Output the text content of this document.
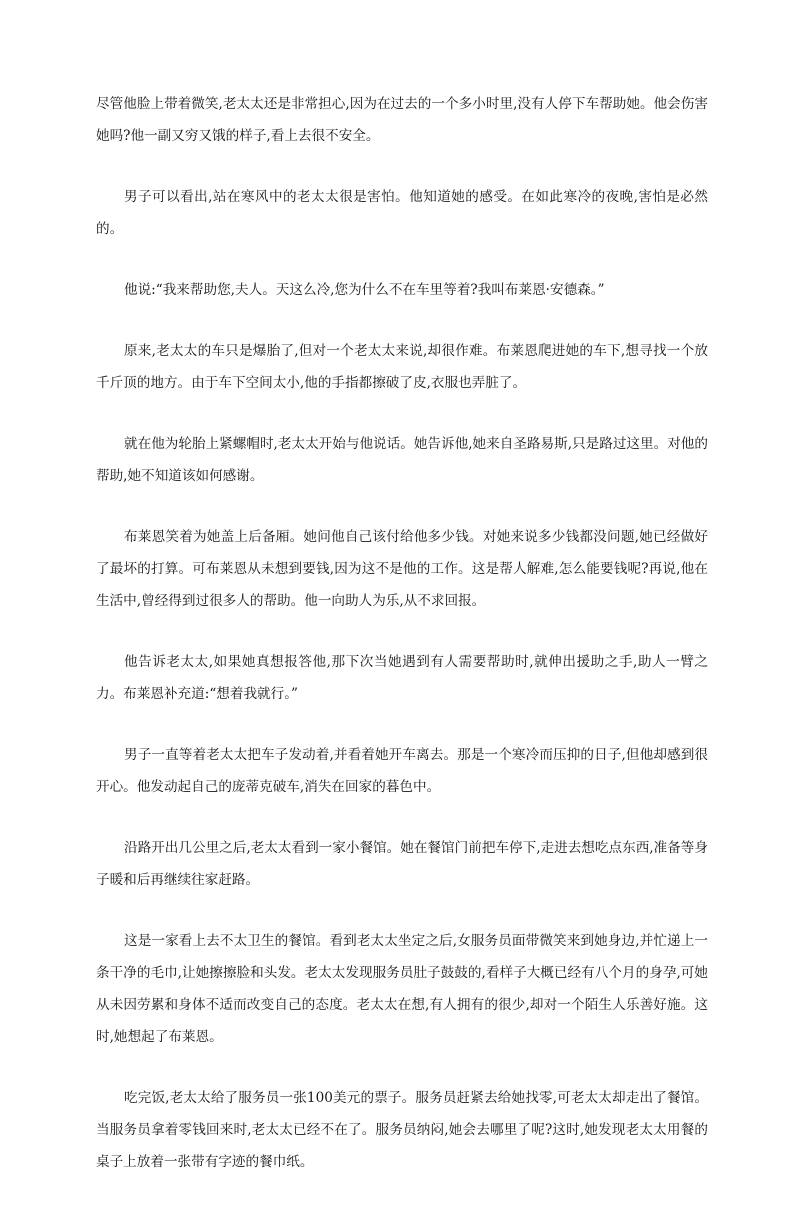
尽管他脸上带着微笑,老太太还是非常担心,因为在过去的一个多小时里,没有人停下车帮助她。他会伤害她吗?他一副又穷又饿的样子,看上去很不安全。

男子可以看出,站在寒风中的老太太很是害怕。他知道她的感受。在如此寒冷的夜晚,害怕是必然的。

他说:“我来帮助您,夫人。天这么冷,您为什么不在车里等着?我叫布莱恩·安德森。”

原来,老太太的车只是爆胎了,但对一个老太太来说,却很作难。布莱恩爬进她的车下,想寻找一个放千斤顶的地方。由于车下空间太小,他的手指都擦破了皮,衣服也弄脏了。

就在他为轮胎上紧螺帽时,老太太开始与他说话。她告诉他,她来自圣路易斯,只是路过这里。对他的帮助,她不知道该如何感谢。

布莱恩笑着为她盖上后备厢。她问他自己该付给他多少钱。对她来说多少钱都没问题,她已经做好了最坏的打算。可布莱恩从未想到要钱,因为这不是他的工作。这是帮人解难,怎么能要钱呢?再说,他在生活中,曾经得到过很多人的帮助。他一向助人为乐,从不求回报。

他告诉老太太,如果她真想报答他,那下次当她遇到有人需要帮助时,就伸出援助之手,助人一臂之力。布莱恩补充道:“想着我就行。”

男子一直等着老太太把车子发动着,并看着她开车离去。那是一个寒冷而压抑的日子,但他却感到很开心。他发动起自己的庞蒂克破车,消失在回家的暮色中。

沿路开出几公里之后,老太太看到一家小餐馆。她在餐馆门前把车停下,走进去想吃点东西,准备等身子暖和后再继续往家赶路。

这是一家看上去不太卫生的餐馆。看到老太太坐定之后,女服务员面带微笑来到她身边,并忙递上一条干净的毛巾,让她擦擦脸和头发。老太太发现服务员肚子鼓鼓的,看样子大概已经有八个月的身孕,可她从未因劳累和身体不适而改变自己的态度。老太太在想,有人拥有的很少,却对一个陌生人乐善好施。这时,她想起了布莱恩。

吃完饭,老太太给了服务员一张100美元的票子。服务员赶紧去给她找零,可老太太却走出了餐馆。当服务员拿着零钱回来时,老太太已经不在了。服务员纳闷,她会去哪里了呢?这时,她发现老太太用餐的桌子上放着一张带有字迹的餐巾纸。
